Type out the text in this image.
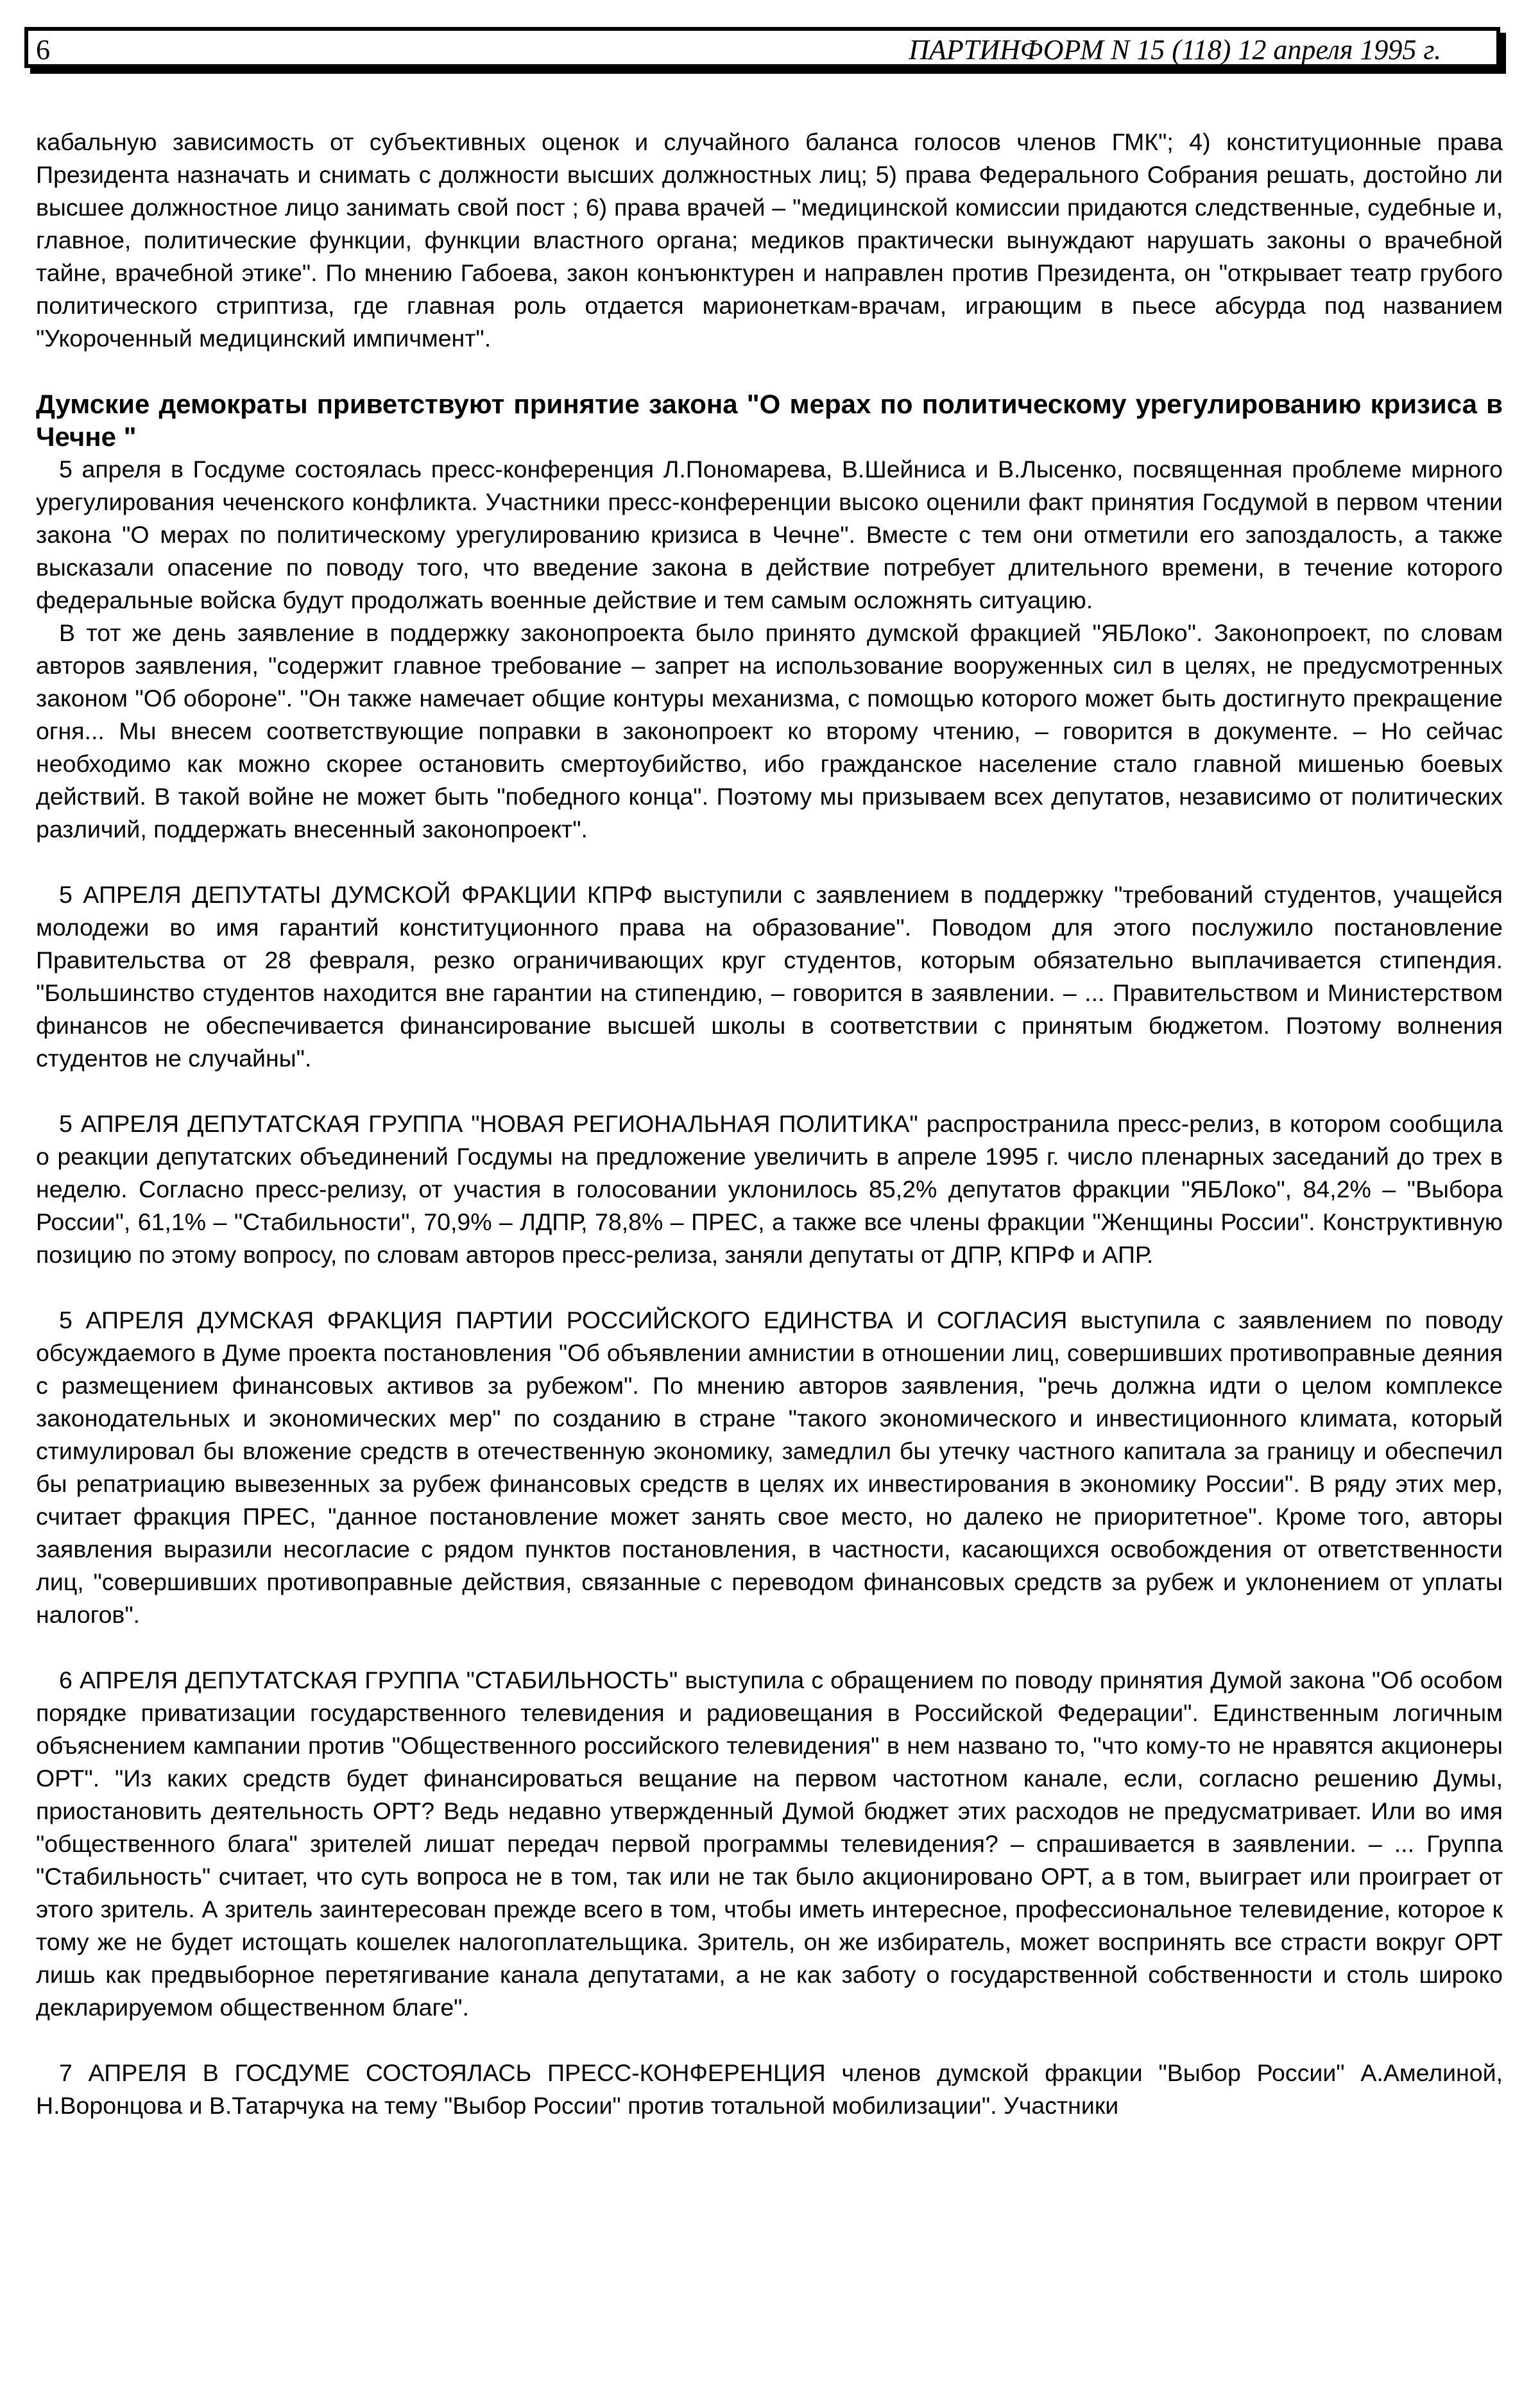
6	ПАРТИНФОРМ N 15 (118) 12 апреля 1995 г.

кабальную зависимость от субъективных оценок и случайного баланса голосов членов ГМК"; 4) конституционные права Президента назначать и снимать с должности высших должностных лиц; 5) права Федерального Собрания решать, достойно ли высшее должностное лицо занимать свой пост ; 6) права врачей – "медицинской комиссии придаются следственные, судебные и, главное, политические функции, функции властного органа; медиков практически вынуждают нарушать законы о врачебной тайне, врачебной этике". По мнению Габоева, закон конъюнктурен и направлен против Президента, он "открывает театр грубого политического стриптиза, где главная роль отдается марионеткам-врачам, играющим в пьесе абсурда под названием "Укороченный медицинский импичмент".

Думские демократы приветствуют принятие закона "О мерах по политическому урегулированию кризиса в Чечне "

5 апреля в Госдуме состоялась пресс-конференция Л.Пономарева, В.Шейниса и В.Лысенко, посвященная проблеме мирного урегулирования чеченского конфликта. Участники пресс-конференции высоко оценили факт принятия Госдумой в первом чтении закона "О мерах по политическому урегулированию кризиса в Чечне". Вместе с тем они отметили его запоздалость, а также высказали опасение по поводу того, что введение закона в действие потребует длительного времени, в течение которого федеральные войска будут продолжать военные действие и тем самым осложнять ситуацию.

В тот же день заявление в поддержку законопроекта было принято думской фракцией "ЯБЛоко". Законопроект, по словам авторов заявления, "содержит главное требование – запрет на использование вооруженных сил в целях, не предусмотренных законом "Об обороне". "Он также намечает общие контуры механизма, с помощью которого может быть достигнуто прекращение огня... Мы внесем соответствующие поправки в законопроект ко второму чтению, – говорится в документе. – Но сейчас необходимо как можно скорее остановить смертоубийство, ибо гражданское население стало главной мишенью боевых действий. В такой войне не может быть "победного конца". Поэтому мы призываем всех депутатов, независимо от политических различий, поддержать внесенный законопроект".

5 АПРЕЛЯ ДЕПУТАТЫ ДУМСКОЙ ФРАКЦИИ КПРФ выступили с заявлением в поддержку "требований студентов, учащейся молодежи во имя гарантий конституционного права на образование". Поводом для этого послужило постановление Правительства от 28 февраля, резко ограничивающих круг студентов, которым обязательно выплачивается стипендия. "Большинство студентов находится вне гарантии на стипендию, – говорится в заявлении. – ... Правительством и Министерством финансов не обеспечивается финансирование высшей школы в соответствии с принятым бюджетом. Поэтому волнения студентов не случайны".

5 АПРЕЛЯ ДЕПУТАТСКАЯ ГРУППА "НОВАЯ РЕГИОНАЛЬНАЯ ПОЛИТИКА" распространила пресс-релиз, в котором сообщила о реакции депутатских объединений Госдумы на предложение увеличить в апреле 1995 г. число пленарных заседаний до трех в неделю. Согласно пресс-релизу, от участия в голосовании уклонилось 85,2% депутатов фракции "ЯБЛоко", 84,2% – "Выбора России", 61,1% – "Стабильности", 70,9% – ЛДПР, 78,8% – ПРЕС, а также все члены фракции "Женщины России". Конструктивную позицию по этому вопросу, по словам авторов пресс-релиза, заняли депутаты от ДПР, КПРФ и АПР.

5 АПРЕЛЯ ДУМСКАЯ ФРАКЦИЯ ПАРТИИ РОССИЙСКОГО ЕДИНСТВА И СОГЛАСИЯ выступила с заявлением по поводу обсуждаемого в Думе проекта постановления "Об объявлении амнистии в отношении лиц, совершивших противоправные деяния с размещением финансовых активов за рубежом". По мнению авторов заявления, "речь должна идти о целом комплексе законодательных и экономических мер" по созданию в стране "такого экономического и инвестиционного климата, который стимулировал бы вложение средств в отечественную экономику, замедлил бы утечку частного капитала за границу и обеспечил бы репатриацию вывезенных за рубеж финансовых средств в целях их инвестирования в экономику России". В ряду этих мер, считает фракция ПРЕС, "данное постановление может занять свое место, но далеко не приоритетное". Кроме того, авторы заявления выразили несогласие с рядом пунктов постановления, в частности, касающихся освобождения от ответственности лиц, "совершивших противоправные действия, связанные с переводом финансовых средств за рубеж и уклонением от уплаты налогов".

6 АПРЕЛЯ ДЕПУТАТСКАЯ ГРУППА "СТАБИЛЬНОСТЬ" выступила с обращением по поводу принятия Думой закона "Об особом порядке приватизации государственного телевидения и радиовещания в Российской Федерации". Единственным логичным объяснением кампании против "Общественного российского телевидения" в нем названо то, "что кому-то не нравятся акционеры ОРТ". "Из каких средств будет финансироваться вещание на первом частотном канале, если, согласно решению Думы, приостановить деятельность ОРТ? Ведь недавно утвержденный Думой бюджет этих расходов не предусматривает. Или во имя "общественного блага" зрителей лишат передач первой программы телевидения? – спрашивается в заявлении. – ... Группа "Стабильность" считает, что суть вопроса не в том, так или не так было акционировано ОРТ, а в том, выиграет или проиграет от этого зритель. А зритель заинтересован прежде всего в том, чтобы иметь интересное, профессиональное телевидение, которое к тому же не будет истощать кошелек налогоплательщика. Зритель, он же избиратель, может воспринять все страсти вокруг ОРТ лишь как предвыборное перетягивание канала депутатами, а не как заботу о государственной собственности и столь широко декларируемом общественном благе".

7 АПРЕЛЯ В ГОСДУМЕ СОСТОЯЛАСЬ ПРЕСС-КОНФЕРЕНЦИЯ членов думской фракции "Выбор России" А.Амелиной, Н.Воронцова и В.Татарчука на тему "Выбор России" против тотальной мобилизации". Участники
